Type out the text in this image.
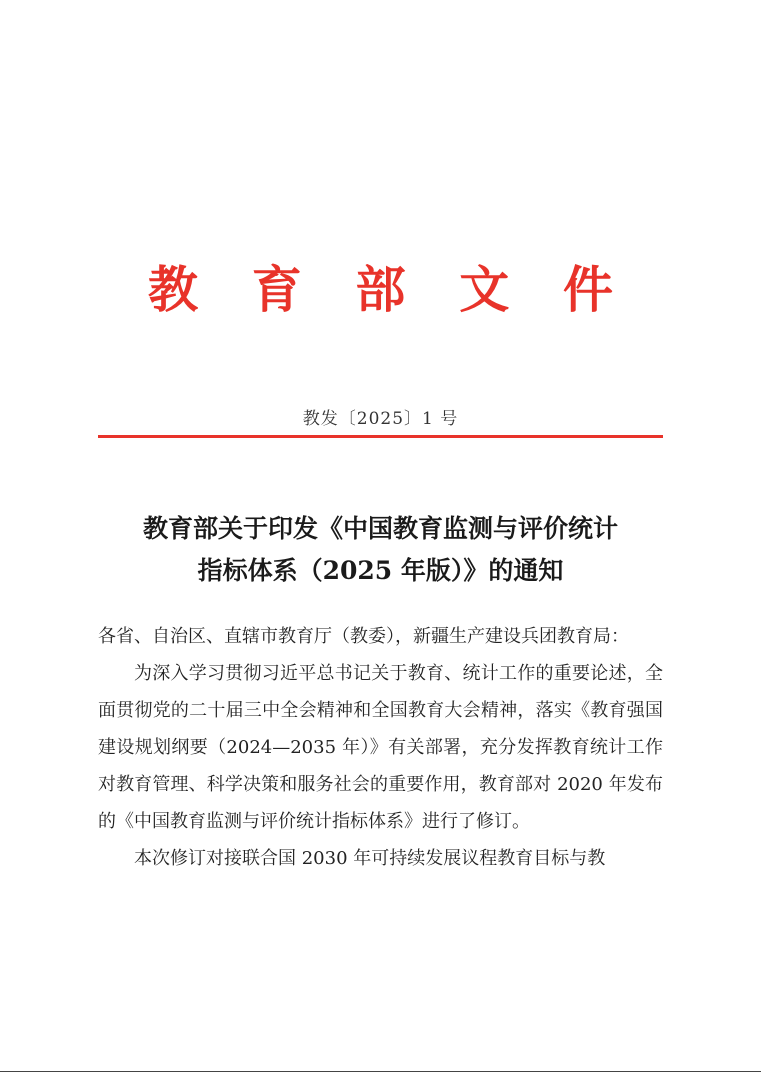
教 育 部 文 件
教发〔2025〕1 号
教育部关于印发《中国教育监测与评价统计
指标体系（2025 年版）》的通知

各省、自治区、直辖市教育厅（教委），新疆生产建设兵团教育局：

为深入学习贯彻习近平总书记关于教育、统计工作的重要论述，全面贯彻党的二十届三中全会精神和全国教育大会精神，落实《教育强国建设规划纲要（2024—2035 年）》有关部署，充分发挥教育统计工作对教育管理、科学决策和服务社会的重要作用，教育部对 2020 年发布的《中国教育监测与评价统计指标体系》进行了修订。

本次修订对接联合国 2030 年可持续发展议程教育目标与教
